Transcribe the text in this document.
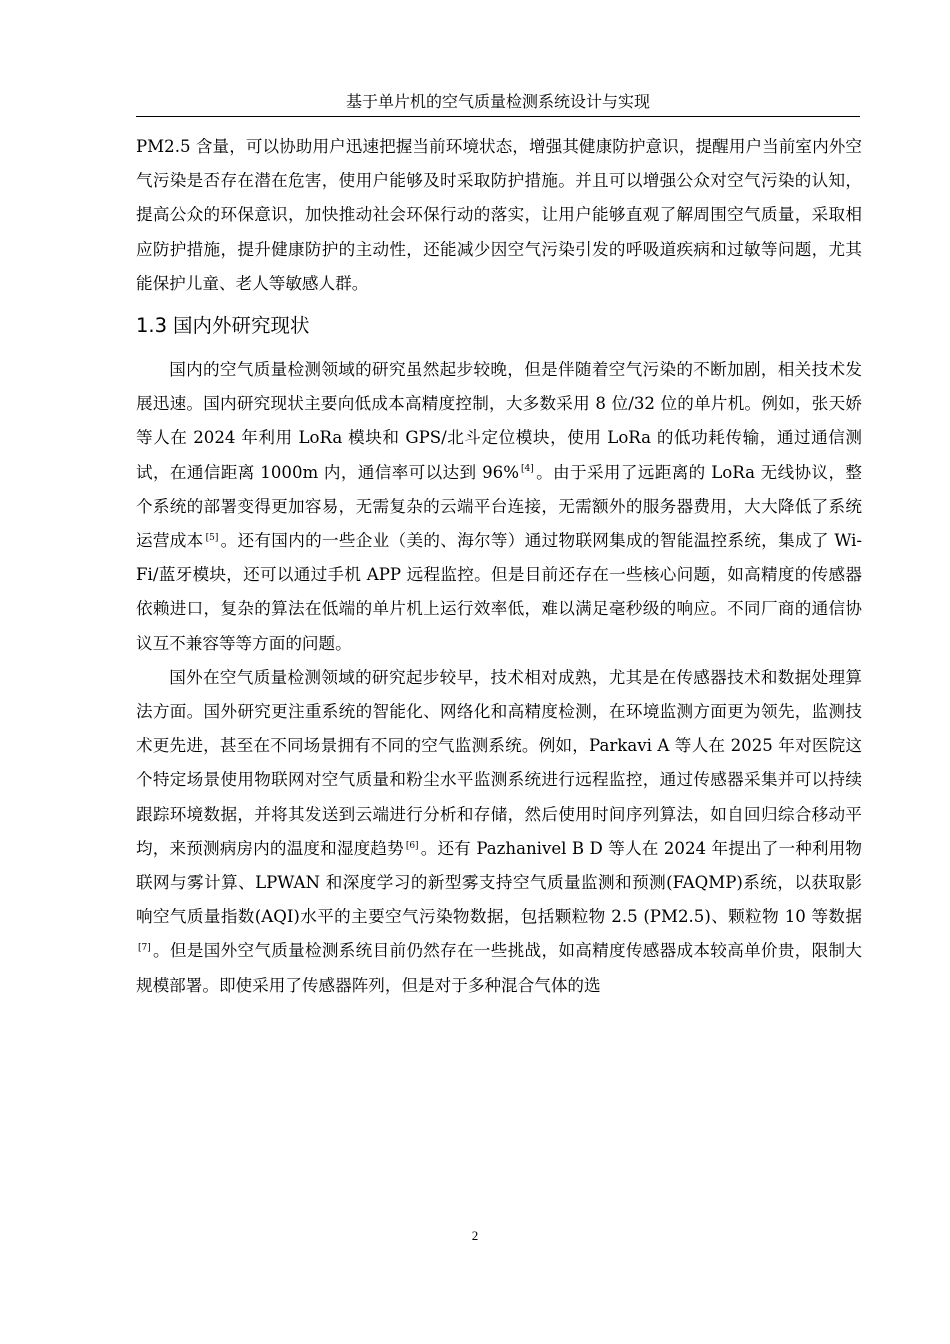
基于单片机的空气质量检测系统设计与实现

PM2.5 含量，可以协助用户迅速把握当前环境状态，增强其健康防护意识，提醒用户当前室内外空气污染是否存在潜在危害，使用户能够及时采取防护措施。并且可以增强公众对空气污染的认知，提高公众的环保意识，加快推动社会环保行动的落实，让用户能够直观了解周围空气质量，采取相应防护措施，提升健康防护的主动性，还能减少因空气污染引发的呼吸道疾病和过敏等问题，尤其能保护儿童、老人等敏感人群。

1.3 国内外研究现状

国内的空气质量检测领域的研究虽然起步较晚，但是伴随着空气污染的不断加剧，相关技术发展迅速。国内研究现状主要向低成本高精度控制，大多数采用 8 位/32 位的单片机。例如，张天娇等人在 2024 年利用 LoRa 模块和 GPS/北斗定位模块，使用 LoRa 的低功耗传输，通过通信测试，在通信距离 1000m 内，通信率可以达到 96% [4] 。由于采用了远距离的 LoRa 无线协议，整个系统的部署变得更加容易，无需复杂的云端平台连接，无需额外的服务器费用，大大降低了系统运营成本 [5] 。还有国内的一些企业（美的、海尔等）通过物联网集成的智能温控系统，集成了 Wi-Fi/蓝牙模块，还可以通过手机 APP 远程监控。但是目前还存在一些核心问题，如高精度的传感器依赖进口，复杂的算法在低端的单片机上运行效率低，难以满足毫秒级的响应。不同厂商的通信协议互不兼容等等方面的问题。

国外在空气质量检测领域的研究起步较早，技术相对成熟，尤其是在传感器技术和数据处理算法方面。国外研究更注重系统的智能化、网络化和高精度检测，在环境监测方面更为领先，监测技术更先进，甚至在不同场景拥有不同的空气监测系统。例如，Parkavi A 等人在 2025 年对医院这个特定场景使用物联网对空气质量和粉尘水平监测系统进行远程监控，通过传感器采集并可以持续跟踪环境数据，并将其发送到云端进行分析和存储，然后使用时间序列算法，如自回归综合移动平均，来预测病房内的温度和湿度趋势 [6] 。还有 Pazhanivel B D 等人在 2024 年提出了一种利用物联网与雾计算、LPWAN 和深度学习的新型雾支持空气质量监测和预测(FAQMP)系统，以获取影响空气质量指数(AQI)水平的主要空气污染物数据，包括颗粒物 2.5 (PM2.5)、颗粒物 10 等数据[7] 。但是国外空气质量检测系统目前仍然存在一些挑战，如高精度传感器成本较高单价贵，限制大规模部署。即使采用了传感器阵列，但是对于多种混合气体的选

2
